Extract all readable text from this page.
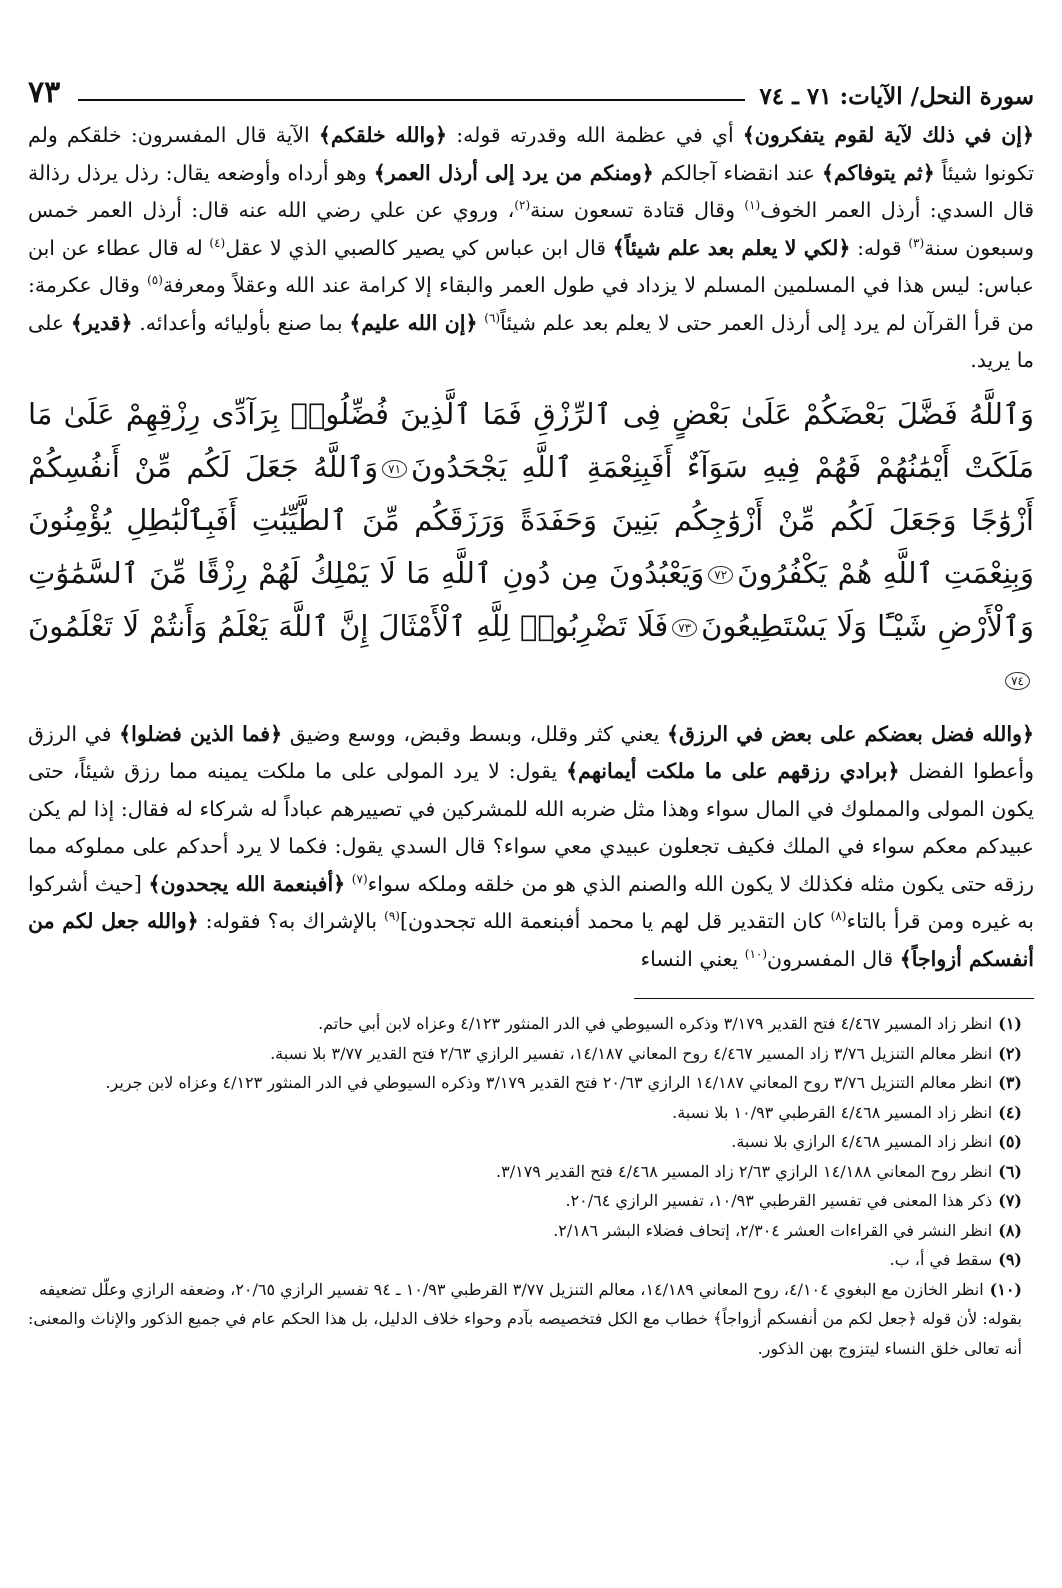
سورة النحل/ الآيات: ٧١ ـ ٧٤
٧٣

﴿إن في ذلك لآية لقوم يتفكرون﴾ أي في عظمة الله وقدرته قوله: ﴿والله خلقكم﴾ الآية قال المفسرون: خلقكم ولم تكونوا شيئاً ﴿ثم يتوفاكم﴾ عند انقضاء آجالكم ﴿ومنكم من يرد إلى أرذل العمر﴾ وهو أرداه وأوضعه يقال: رذل يرذل رذالة قال السدي: أرذل العمر الخوف$^{(١)}$ وقال قتادة تسعون سنة$^{(٢)}$، وروي عن علي رضي الله عنه قال: أرذل العمر خمس وسبعون سنة$^{(٣)}$ قوله: ﴿لكي لا يعلم بعد علم شيئاً﴾ قال ابن عباس كي يصير كالصبي الذي لا عقل$^{(٤)}$ له قال عطاء عن ابن عباس: ليس هذا في المسلمين المسلم لا يزداد في طول العمر والبقاء إلا كرامة عند الله وعقلاً ومعرفة$^{(٥)}$ وقال عكرمة: من قرأ القرآن لم يرد إلى أرذل العمر حتى لا يعلم بعد علم شيئاً$^{(٦)}$ ﴿إن الله عليم﴾ بما صنع بأوليائه وأعدائه. ﴿قدير﴾ على ما يريد.

وَٱللَّهُ فَضَّلَ بَعْضَكُمْ عَلَىٰ بَعْضٍ فِى ٱلرِّزْقِ فَمَا ٱلَّذِينَ فُضِّلُوا۟ بِرَآدِّى رِزْقِهِمْ عَلَىٰ مَا مَلَكَتْ أَيْمَٰنُهُمْ فَهُمْ فِيهِ سَوَآءٌ أَفَبِنِعْمَةِ ٱللَّهِ يَجْحَدُونَ٧١وَٱللَّهُ جَعَلَ لَكُم مِّنْ أَنفُسِكُمْ أَزْوَٰجًا وَجَعَلَ لَكُم مِّنْ أَزْوَٰجِكُم بَنِينَ وَحَفَدَةً وَرَزَقَكُم مِّنَ ٱلطَّيِّبَٰتِ أَفَبِٱلْبَٰطِلِ يُؤْمِنُونَ وَبِنِعْمَتِ ٱللَّهِ هُمْ يَكْفُرُونَ٧٢وَيَعْبُدُونَ مِن دُونِ ٱللَّهِ مَا لَا يَمْلِكُ لَهُمْ رِزْقًا مِّنَ ٱلسَّمَٰوَٰتِ وَٱلْأَرْضِ شَيْـًٔا وَلَا يَسْتَطِيعُونَ٧٣فَلَا تَضْرِبُوا۟ لِلَّهِ ٱلْأَمْثَالَ إِنَّ ٱللَّهَ يَعْلَمُ وَأَنتُمْ لَا تَعْلَمُونَ٧٤

﴿والله فضل بعضكم على بعض في الرزق﴾ يعني كثر وقلل، وبسط وقبض، ووسع وضيق ﴿فما الذين فضلوا﴾ في الرزق وأعطوا الفضل ﴿برادي رزقهم على ما ملكت أيمانهم﴾ يقول: لا يرد المولى على ما ملكت يمينه مما رزق شيئاً، حتى يكون المولى والمملوك في المال سواء وهذا مثل ضربه الله للمشركين في تصييرهم عباداً له شركاء له فقال: إذا لم يكن عبيدكم معكم سواء في الملك فكيف تجعلون عبيدي معي سواء؟ قال السدي يقول: فكما لا يرد أحدكم على مملوكه مما رزقه حتى يكون مثله فكذلك لا يكون الله والصنم الذي هو من خلقه وملكه سواء$^{(٧)}$ ﴿أفبنعمة الله يجحدون﴾ [حيث أشركوا به غيره ومن قرأ بالتاء$^{(٨)}$ كان التقدير قل لهم يا محمد أفبنعمة الله تجحدون]$^{(٩)}$ بالإشراك به؟ فقوله: ﴿والله جعل لكم من أنفسكم أزواجاً﴾ قال المفسرون$^{(١٠)}$ يعني النساء

(١)انظر زاد المسير ٤/٤٦٧ فتح القدير ٣/١٧٩ وذكره السيوطي في الدر المنثور ٤/١٢٣ وعزاه لابن أبي حاتم.
(٢)انظر معالم التنزيل ٣/٧٦ زاد المسير ٤/٤٦٧ روح المعاني ١٤/١٨٧، تفسير الرازي ٢/٦٣ فتح القدير ٣/٧٧ بلا نسبة.
(٣)انظر معالم التنزيل ٣/٧٦ روح المعاني ١٤/١٨٧ الرازي ٢٠/٦٣ فتح القدير ٣/١٧٩ وذكره السيوطي في الدر المنثور ٤/١٢٣ وعزاه لابن جرير.
(٤)انظر زاد المسير ٤/٤٦٨ القرطبي ١٠/٩٣ بلا نسبة.
(٥)انظر زاد المسير ٤/٤٦٨ الرازي بلا نسبة.
(٦)انظر روح المعاني ١٤/١٨٨ الرازي ٢/٦٣ زاد المسير ٤/٤٦٨ فتح القدير ٣/١٧٩.
(٧)ذكر هذا المعنى في تفسير القرطبي ١٠/٩٣، تفسير الرازي ٢٠/٦٤.
(٨)انظر النشر في القراءات العشر ٢/٣٠٤، إتحاف فضلاء البشر ٢/١٨٦.
(٩)سقط في أ، ب.
(١٠)انظر الخازن مع البغوي ٤/١٠٤، روح المعاني ١٤/١٨٩، معالم التنزيل ٣/٧٧ القرطبي ١٠/٩٣ ـ ٩٤ تفسير الرازي ٢٠/٦٥، وضعفه الرازي وعلّل تضعيفه بقوله: لأن قوله ﴿جعل لكم من أنفسكم أزواجاً﴾ خطاب مع الكل فتخصيصه بآدم وحواء خلاف الدليل، بل هذا الحكم عام في جميع الذكور والإناث والمعنى: أنه تعالى خلق النساء ليتزوج بهن الذكور.
